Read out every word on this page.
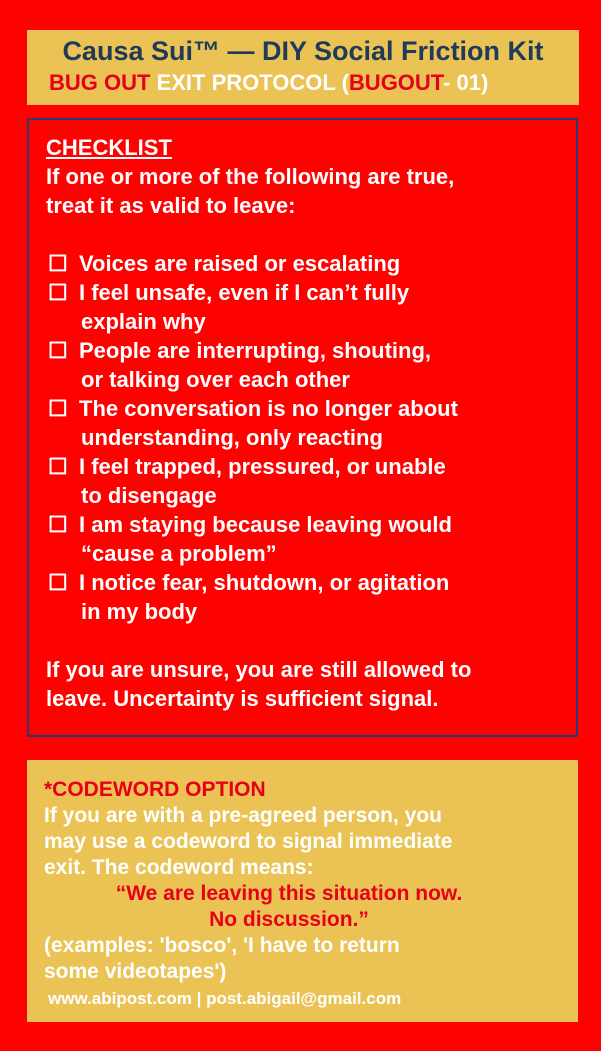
Causa Sui™ — DIY Social Friction Kit
BUG OUT EXIT PROTOCOL (BUGOUT- 01)
CHECKLIST
If one or more of the following are true,
treat it as valid to leave:
☐ Voices are raised or escalating
☐ I feel unsafe, even if I can’t fully
explain why
☐ People are interrupting, shouting,
or talking over each other
☐ The conversation is no longer about
understanding, only reacting
☐ I feel trapped, pressured, or unable
to disengage
☐ I am staying because leaving would
“cause a problem”
☐ I notice fear, shutdown, or agitation
in my body
If you are unsure, you are still allowed to
leave. Uncertainty is sufficient signal.
*CODEWORD OPTION
If you are with a pre-agreed person, you
may use a codeword to signal immediate
exit. The codeword means:
“We are leaving this situation now.
No discussion.”
(examples: 'bosco', 'I have to return
some videotapes')
www.abipost.com | post.abigail@gmail.com
